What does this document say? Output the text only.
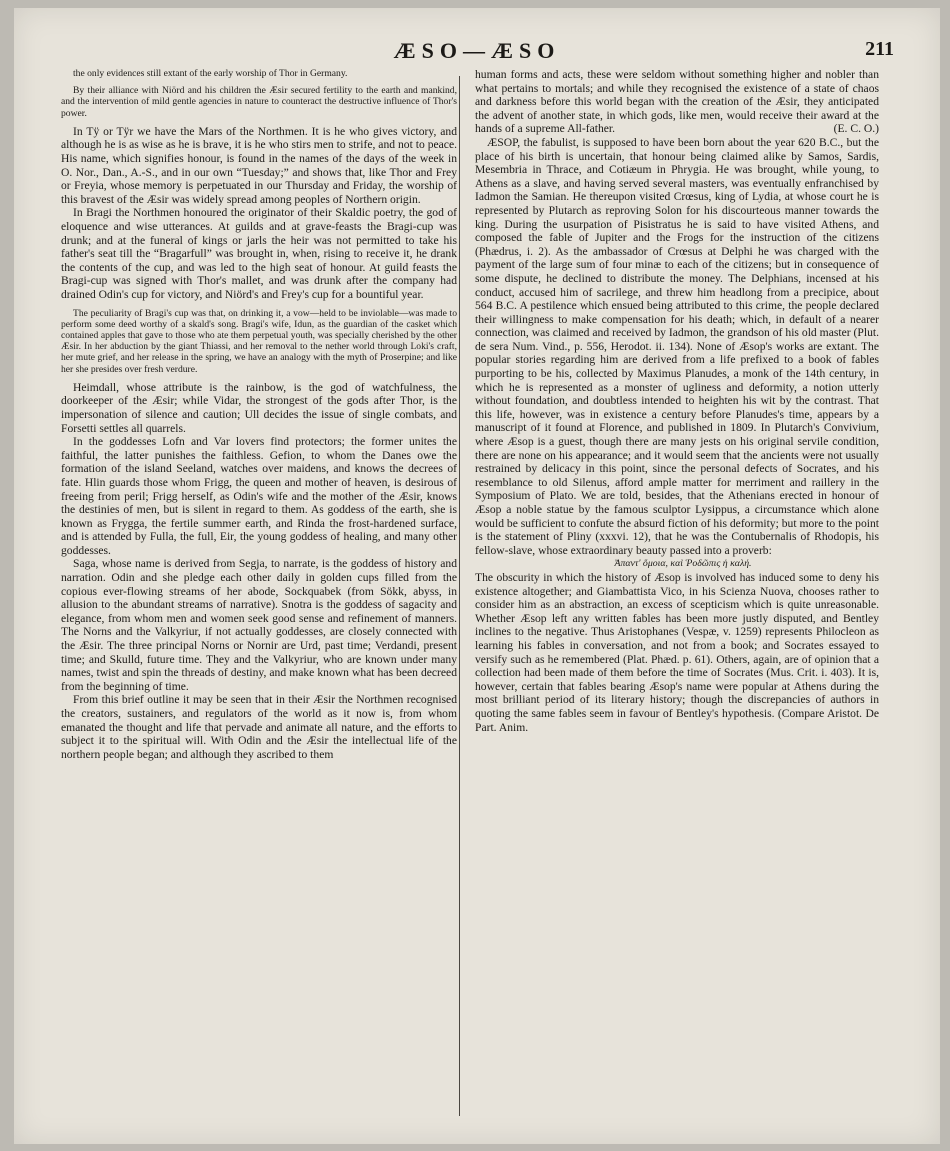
ÆSO—ÆSO	211

the only evidences still extant of the early worship of Thor in Germany.

By their alliance with Niörd and his children the Æsir secured fertility to the earth and mankind, and the intervention of mild gentle agencies in nature to counteract the destructive influence of Thor's power.

In Tÿ or Tÿr we have the Mars of the Northmen. It is he who gives victory, and although he is as wise as he is brave, it is he who stirs men to strife, and not to peace. His name, which signifies honour, is found in the names of the days of the week in O. Nor., Dan., A.-S., and in our own “Tuesday;” and shows that, like Thor and Frey or Freyia, whose memory is perpetuated in our Thursday and Friday, the worship of this bravest of the Æsir was widely spread among peoples of Northern origin.

In Bragi the Northmen honoured the originator of their Skaldic poetry, the god of eloquence and wise utterances. At guilds and at grave-feasts the Bragi-cup was drunk; and at the funeral of kings or jarls the heir was not permitted to take his father's seat till the “Bragarfull” was brought in, when, rising to receive it, he drank the contents of the cup, and was led to the high seat of honour. At guild feasts the Bragi-cup was signed with Thor's mallet, and was drunk after the company had drained Odin's cup for victory, and Niörd's and Frey's cup for a bountiful year.

The peculiarity of Bragi's cup was that, on drinking it, a vow—held to be inviolable—was made to perform some deed worthy of a skald's song. Bragi's wife, Idun, as the guardian of the casket which contained apples that gave to those who ate them perpetual youth, was specially cherished by the other Æsir. In her abduction by the giant Thiassi, and her removal to the nether world through Loki's craft, her mute grief, and her release in the spring, we have an analogy with the myth of Proserpine; and like her she presides over fresh verdure.

Heimdall, whose attribute is the rainbow, is the god of watchfulness, the doorkeeper of the Æsir; while Vidar, the strongest of the gods after Thor, is the impersonation of silence and caution; Ull decides the issue of single combats, and Forsetti settles all quarrels.

In the goddesses Lofn and Var lovers find protectors; the former unites the faithful, the latter punishes the faithless. Gefion, to whom the Danes owe the formation of the island Seeland, watches over maidens, and knows the decrees of fate. Hlin guards those whom Frigg, the queen and mother of heaven, is desirous of freeing from peril; Frigg herself, as Odin's wife and the mother of the Æsir, knows the destinies of men, but is silent in regard to them. As goddess of the earth, she is known as Frygga, the fertile summer earth, and Rinda the frost-hardened surface, and is attended by Fulla, the full, Eir, the young goddess of healing, and many other goddesses.

Saga, whose name is derived from Segja, to narrate, is the goddess of history and narration. Odin and she pledge each other daily in golden cups filled from the copious ever-flowing streams of her abode, Sockquabek (from Sökk, abyss, in allusion to the abundant streams of narrative). Snotra is the goddess of sagacity and elegance, from whom men and women seek good sense and refinement of manners. The Norns and the Valkyriur, if not actually goddesses, are closely connected with the Æsir. The three principal Norns or Nornir are Urd, past time; Verdandi, present time; and Skulld, future time. They and the Valkyriur, who are known under many names, twist and spin the threads of destiny, and make known what has been decreed from the beginning of time.

From this brief outline it may be seen that in their Æsir the Northmen recognised the creators, sustainers, and regulators of the world as it now is, from whom emanated the thought and life that pervade and animate all nature, and the efforts to subject it to the spiritual will. With Odin and the Æsir the intellectual life of the northern people began; and although they ascribed to them

human forms and acts, these were seldom without something higher and nobler than what pertains to mortals; and while they recognised the existence of a state of chaos and darkness before this world began with the creation of the Æsir, they anticipated the advent of another state, in which gods, like men, would receive their award at the hands of a supreme All-father.	(E. C. O.)

ÆSOP, the fabulist, is supposed to have been born about the year 620 B.C., but the place of his birth is uncertain, that honour being claimed alike by Samos, Sardis, Mesembria in Thrace, and Cotiæum in Phrygia. He was brought, while young, to Athens as a slave, and having served several masters, was eventually enfranchised by Iadmon the Samian. He thereupon visited Crœsus, king of Lydia, at whose court he is represented by Plutarch as reproving Solon for his discourteous manner towards the king. During the usurpation of Pisistratus he is said to have visited Athens, and composed the fable of Jupiter and the Frogs for the instruction of the citizens (Phædrus, i. 2). As the ambassador of Crœsus at Delphi he was charged with the payment of the large sum of four minæ to each of the citizens; but in consequence of some dispute, he declined to distribute the money. The Delphians, incensed at his conduct, accused him of sacrilege, and threw him headlong from a precipice, about 564 B.C. A pestilence which ensued being attributed to this crime, the people declared their willingness to make compensation for his death; which, in default of a nearer connection, was claimed and received by Iadmon, the grandson of his old master (Plut. de sera Num. Vind., p. 556, Herodot. ii. 134). None of Æsop's works are extant. The popular stories regarding him are derived from a life prefixed to a book of fables purporting to be his, collected by Maximus Planudes, a monk of the 14th century, in which he is represented as a monster of ugliness and deformity, a notion utterly without foundation, and doubtless intended to heighten his wit by the contrast. That this life, however, was in existence a century before Planudes's time, appears by a manuscript of it found at Florence, and published in 1809. In Plutarch's Convivium, where Æsop is a guest, though there are many jests on his original servile condition, there are none on his appearance; and it would seem that the ancients were not usually restrained by delicacy in this point, since the personal defects of Socrates, and his resemblance to old Silenus, afford ample matter for merriment and raillery in the Symposium of Plato. We are told, besides, that the Athenians erected in honour of Æsop a noble statue by the famous sculptor Lysippus, a circumstance which alone would be sufficient to confute the absurd fiction of his deformity; but more to the point is the statement of Pliny (xxxvi. 12), that he was the Contubernalis of Rhodopis, his fellow-slave, whose extraordinary beauty passed into a proverb:

Ἀπαντ' ὅμοια, καὶ Ῥοδῶπις ἡ καλή.

The obscurity in which the history of Æsop is involved has induced some to deny his existence altogether; and Giambattista Vico, in his Scienza Nuova, chooses rather to consider him as an abstraction, an excess of scepticism which is quite unreasonable. Whether Æsop left any written fables has been more justly disputed, and Bentley inclines to the negative. Thus Aristophanes (Vespæ, v. 1259) represents Philocleon as learning his fables in conversation, and not from a book; and Socrates essayed to versify such as he remembered (Plat. Phæd. p. 61). Others, again, are of opinion that a collection had been made of them before the time of Socrates (Mus. Crit. i. 403). It is, however, certain that fables bearing Æsop's name were popular at Athens during the most brilliant period of its literary history; though the discrepancies of authors in quoting the same fables seem in favour of Bentley's hypothesis. (Compare Aristot. De Part. Anim.
